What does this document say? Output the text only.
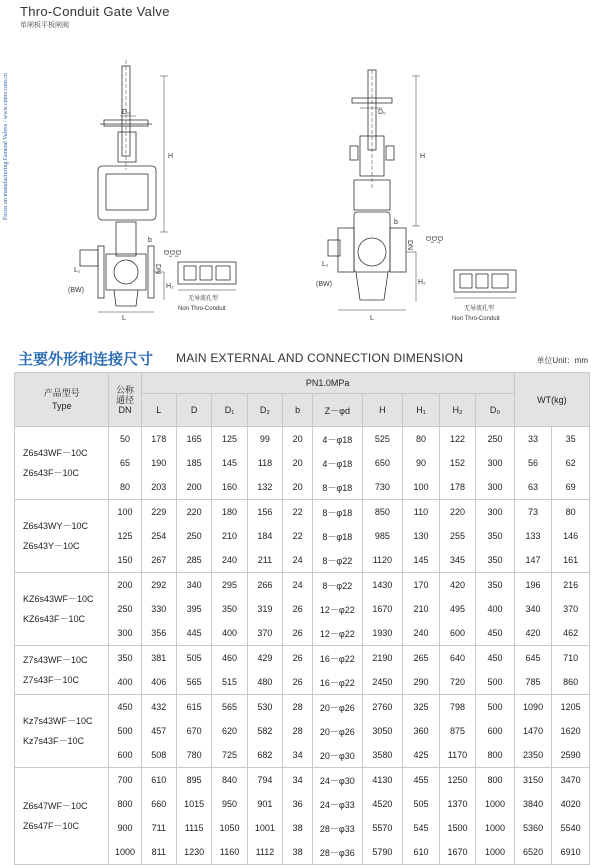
Focus on manufacturing General Valves / www.cnmv.com.cn
Thro-Conduit Gate Valve
单闸板平板闸阀
D₀
H
DN
H₂
L₁
(BW)
L
b
D D₁ D₂
无导流孔型
Non Thro-Conduit
D₀
H
DN
H₂
L₁
(BW)
L
b
D D₁ D₂
无导流孔型
Non Thro-Conduit
主要外形和连接尺寸 MAIN EXTERNAL AND CONNECTION DIMENSION	单位Unit：mm
产品型号
Type	公称
通径
DN	PN1.0MPa										WT(kg)	
		L	D	D₁	D₂	b	Z－φd	H	H₁	H₂	D₀		

Z6s43WF－10C
Z6s43F－10C	50	178	165	125	99	20	4－φ18	525	80	122	250	33	35
	65	190	185	145	118	20	4－φ18	650	90	152	300	56	62
	80	203	200	160	132	20	8－φ18	730	100	178	300	63	69

Z6s43WY－10C
Z6s43Y－10C	100	229	220	180	156	22	8－φ18	850	110	220	300	73	80
	125	254	250	210	184	22	8－φ18	985	130	255	350	133	146
	150	267	285	240	211	24	8－φ22	1120	145	345	350	147	161

KZ6s43WF－10C
KZ6s43F－10C	200	292	340	295	266	24	8－φ22	1430	170	420	350	196	216
	250	330	395	350	319	26	12－φ22	1670	210	495	400	340	370
	300	356	445	400	370	26	12－φ22	1930	240	600	450	420	462

Z7s43WF－10C
Z7s43F－10C	350	381	505	460	429	26	16－φ22	2190	265	640	450	645	710
	400	406	565	515	480	26	16－φ22	2450	290	720	500	785	860

Kz7s43WF－10C
Kz7s43F－10C	450	432	615	565	530	28	20－φ26	2760	325	798	500	1090	1205
	500	457	670	620	582	28	20－φ26	3050	360	875	600	1470	1620
	600	508	780	725	682	34	20－φ30	3580	425	1170	800	2350	2590

Z6s47WF－10C
Z6s47F－10C	700	610	895	840	794	34	24－φ30	4130	455	1250	800	3150	3470
	800	660	1015	950	901	36	24－φ33	4520	505	1370	1000	3840	4020
	900	711	1115	1050	1001	38	28－φ33	5570	545	1500	1000	5360	5540
	1000	811	1230	1160	1112	38	28－φ36	5790	610	1670	1000	6520	6910
